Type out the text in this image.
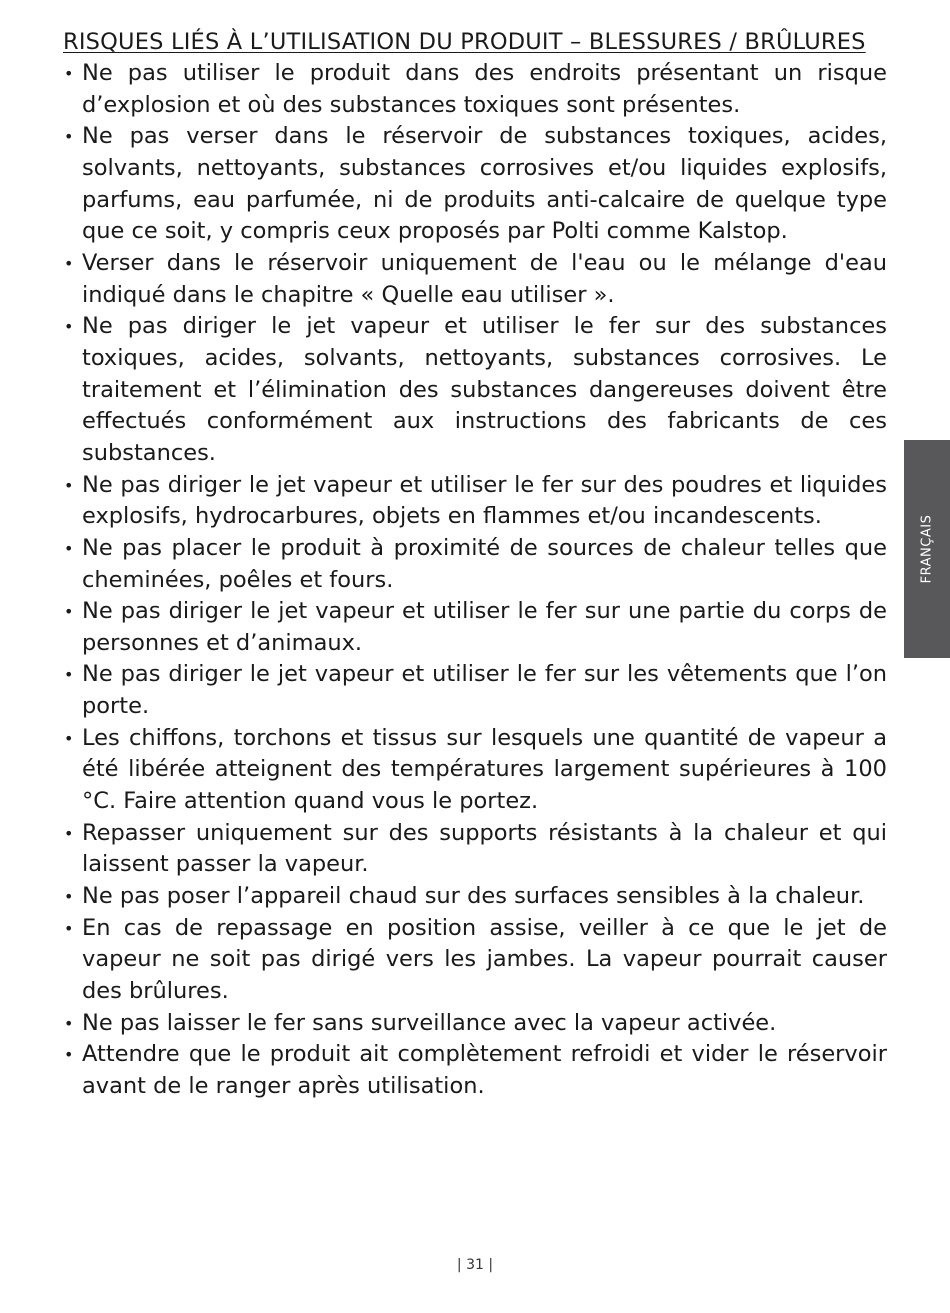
RISQUES LIÉS À L’UTILISATION DU PRODUIT – BLESSURES / BRÛLURES
• Ne pas utiliser le produit dans des endroits présentant un risque d’explosion et où des substances toxiques sont présentes.
• Ne pas verser dans le réservoir de substances toxiques, acides, solvants, nettoyants, substances corrosives et/ou liquides explosifs, parfums, eau parfumée, ni de produits anti-calcaire de quelque type que ce soit, y compris ceux proposés par Polti comme Kalstop.
• Verser dans le réservoir uniquement de l'eau ou le mélange d'eau indiqué dans le chapitre « Quelle eau utiliser ».
• Ne pas diriger le jet vapeur et utiliser le fer sur des substances toxiques, acides, solvants, nettoyants, substances corrosives. Le traitement et l’élimination des substances dangereuses doivent être effectués conformément aux instructions des fabricants de ces substances.
• Ne pas diriger le jet vapeur et utiliser le fer sur des poudres et liquides explosifs, hydrocarbures, objets en flammes et/ou incandescents.
• Ne pas placer le produit à proximité de sources de chaleur telles que cheminées, poêles et fours.
• Ne pas diriger le jet vapeur et utiliser le fer sur une partie du corps de personnes et d’animaux.
• Ne pas diriger le jet vapeur et utiliser le fer sur les vêtements que l’on porte.
• Les chiffons, torchons et tissus sur lesquels une quantité de vapeur a été libérée atteignent des températures largement supérieures à 100 °C. Faire attention quand vous le portez.
• Repasser uniquement sur des supports résistants à la chaleur et qui laissent passer la vapeur.
• Ne pas poser l’appareil chaud sur des surfaces sensibles à la chaleur.
• En cas de repassage en position assise, veiller à ce que le jet de vapeur ne soit pas dirigé vers les jambes. La vapeur pourrait causer des brûlures.
• Ne pas laisser le fer sans surveillance avec la vapeur activée.
• Attendre que le produit ait complètement refroidi et vider le réservoir avant de le ranger après utilisation.
FRANÇAIS
| 31 |
